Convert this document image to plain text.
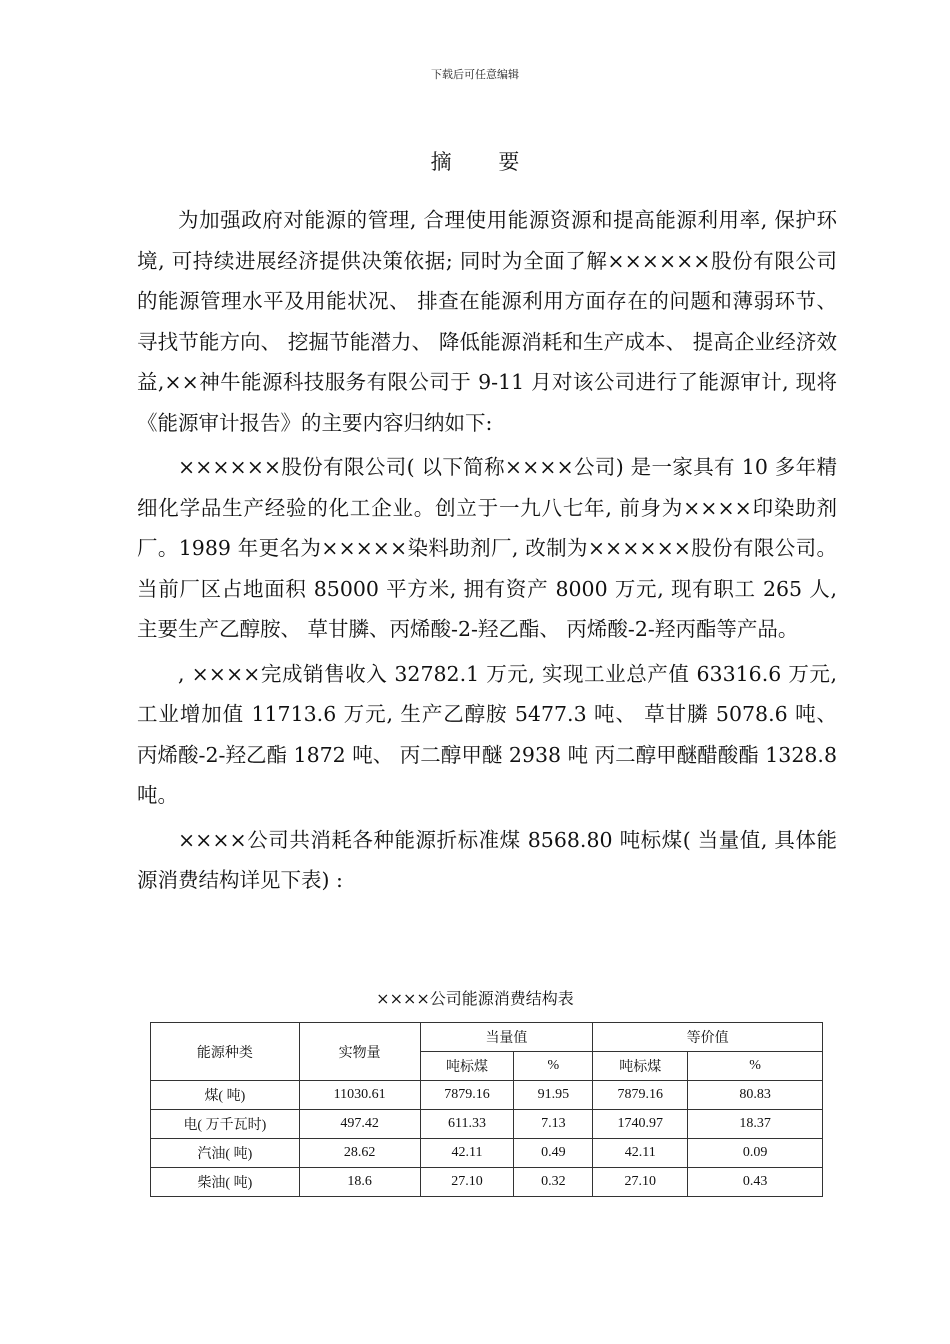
下载后可任意编辑
摘 要

为加强政府对能源的管理, 合理使用能源资源和提高能源利用率, 保护环境, 可持续进展经济提供决策依据; 同时为全面了解××××××股份有限公司的能源管理水平及用能状况、 排查在能源利用方面存在的问题和薄弱环节、 寻找节能方向、 挖掘节能潜力、 降低能源消耗和生产成本、 提高企业经济效益,××神牛能源科技服务有限公司于 9-11 月对该公司进行了能源审计, 现将《能源审计报告》的主要内容归纳如下:

××××××股份有限公司( 以下简称××××公司) 是一家具有 10 多年精细化学品生产经验的化工企业。创立于一九八七年, 前身为××××印染助剂厂。1989 年更名为×××××染料助剂厂, 改制为××××××股份有限公司。当前厂区占地面积 85000 平方米, 拥有资产 8000 万元, 现有职工 265 人, 主要生产乙醇胺、 草甘膦、丙烯酸-2-羟乙酯、 丙烯酸-2-羟丙酯等产品。

, ××××完成销售收入 32782.1 万元, 实现工业总产值 63316.6 万元, 工业增加值 11713.6 万元, 生产乙醇胺 5477.3 吨、 草甘膦 5078.6 吨、 丙烯酸-2-羟乙酯 1872 吨、 丙二醇甲醚 2938 吨 丙二醇甲醚醋酸酯 1328.8 吨。

××××公司共消耗各种能源折标准煤 8568.80 吨标煤( 当量值, 具体能源消费结构详见下表) :

××××公司能源消费结构表
能源种类	实物量	当量值		等价值	
		吨标煤	%	吨标煤	%
煤( 吨)	11030.61	7879.16	91.95	7879.16	80.83
电( 万千瓦时)	497.42	611.33	7.13	1740.97	18.37
汽油( 吨)	28.62	42.11	0.49	42.11	0.09
柴油( 吨)	18.6	27.10	0.32	27.10	0.43
